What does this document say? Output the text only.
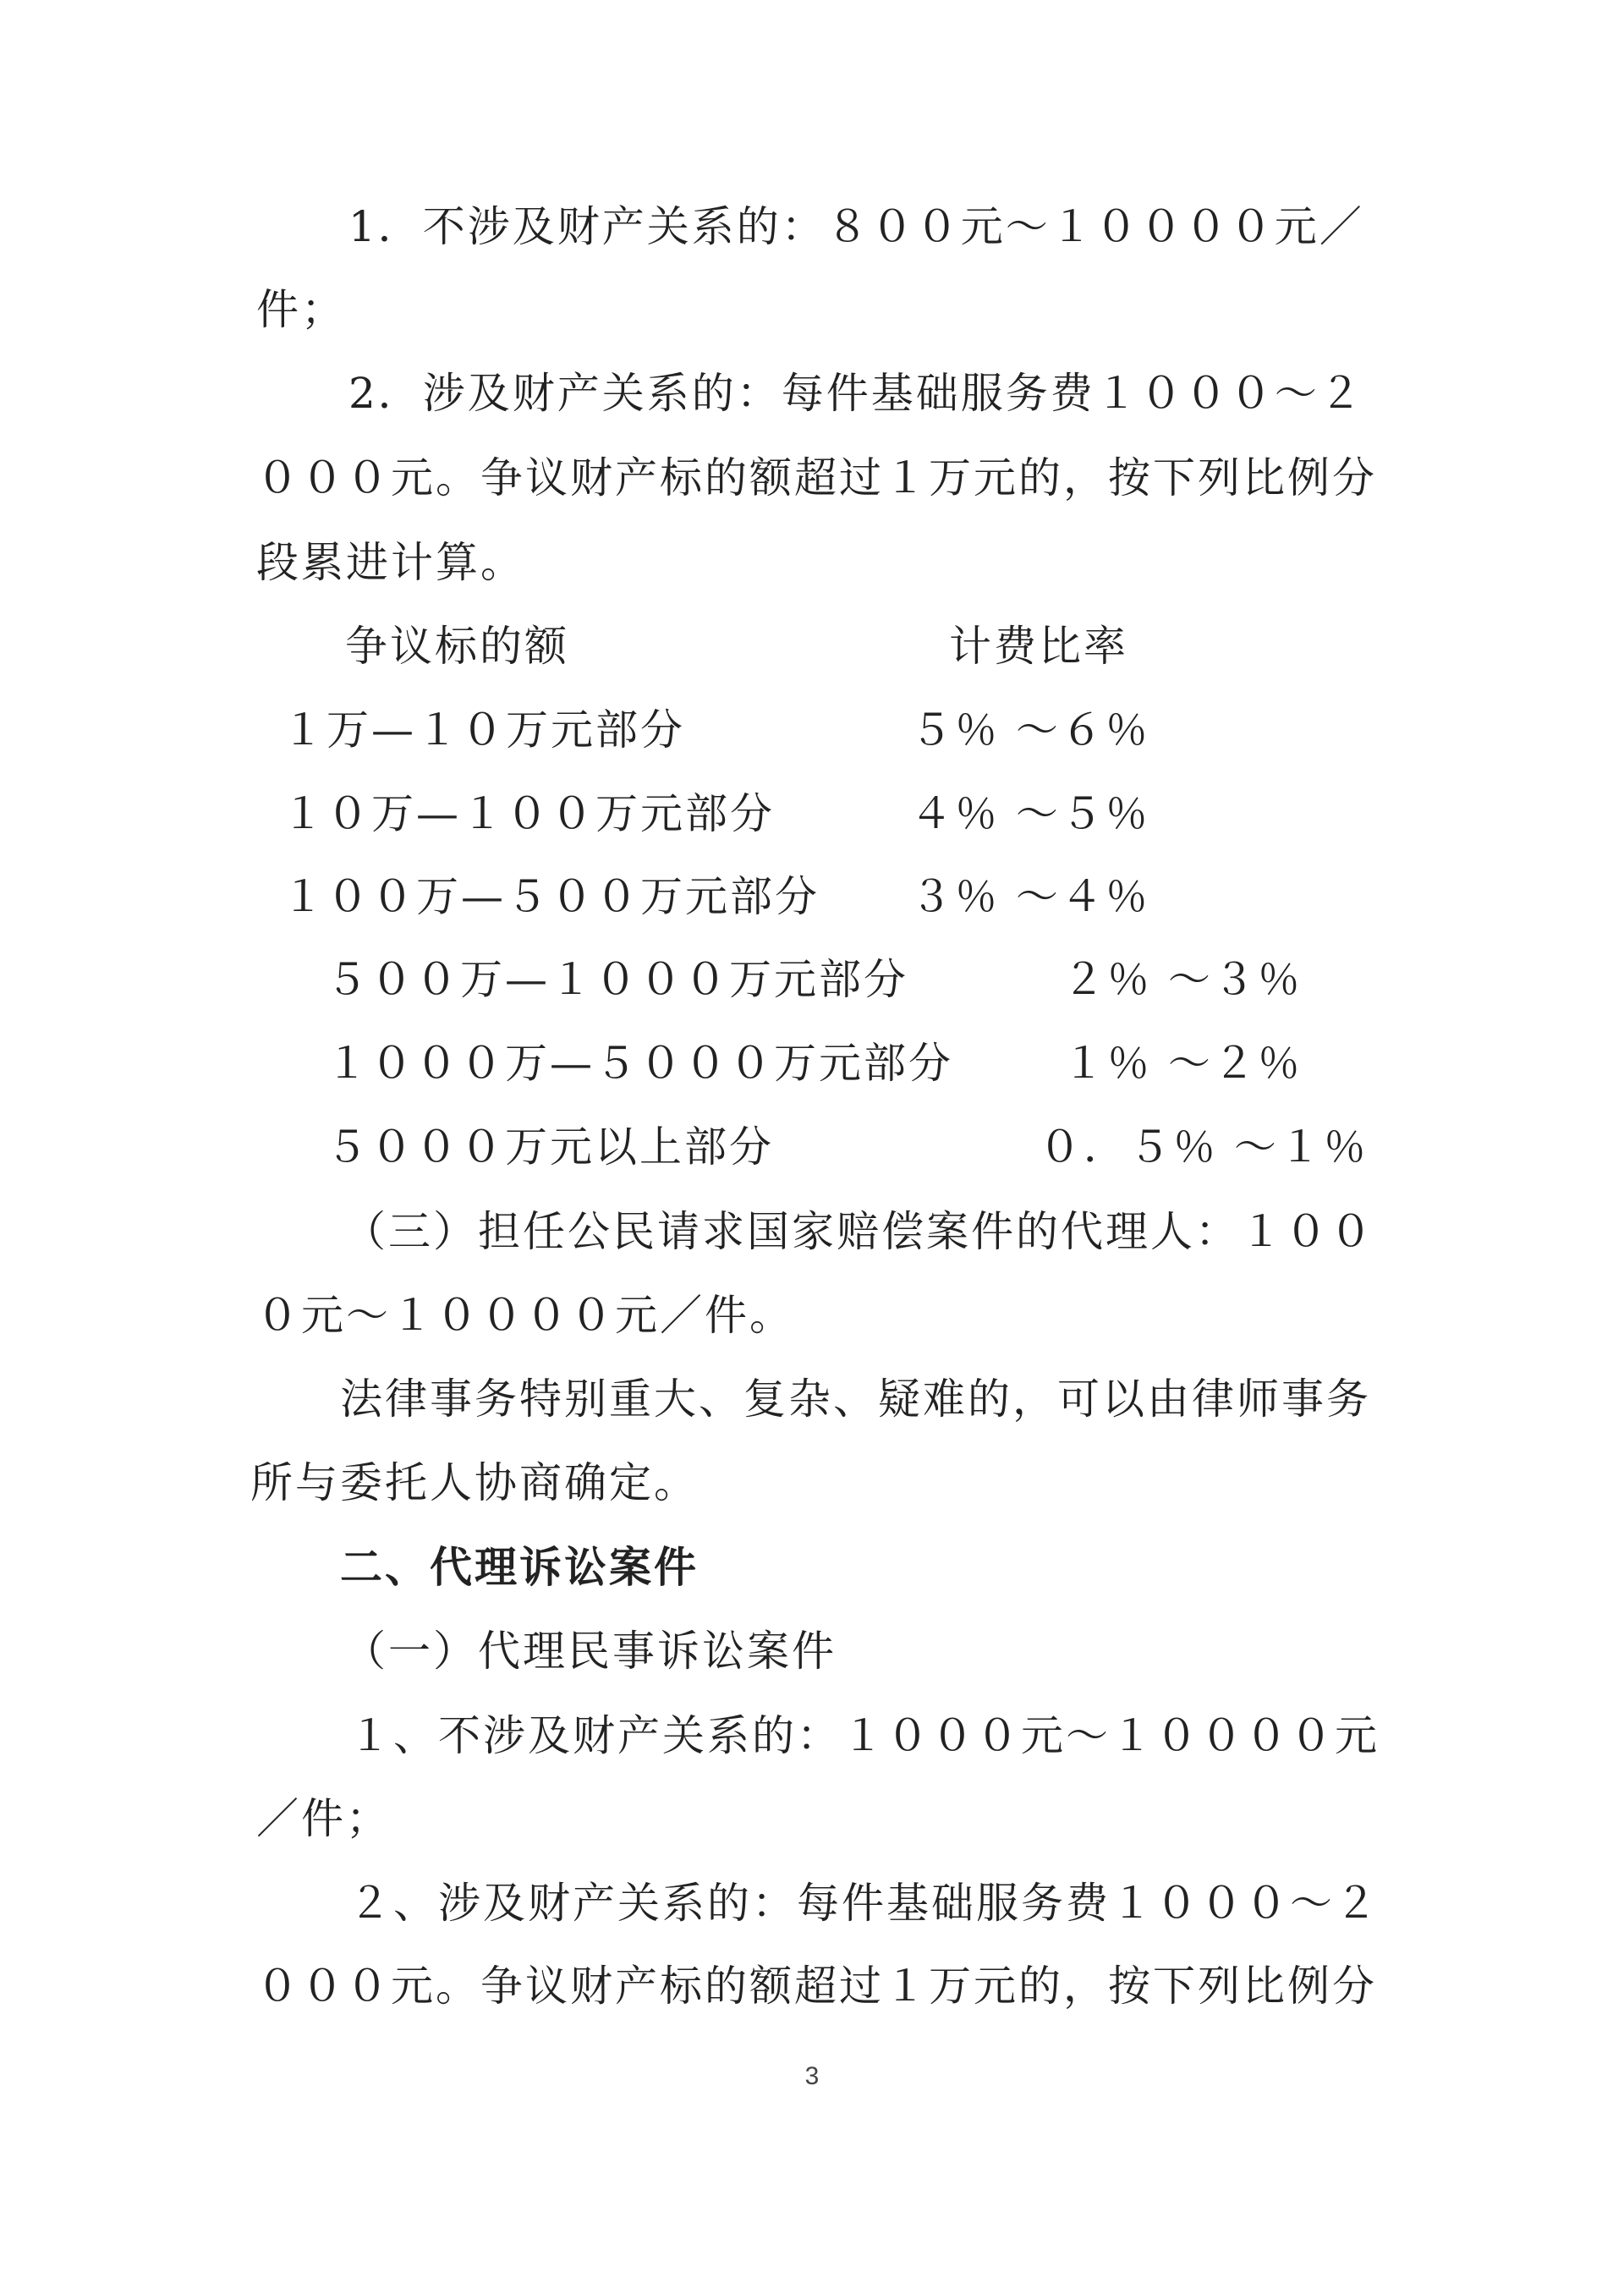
1．不涉及财产关系的：８００元～１００００元／
件；
2．涉及财产关系的：每件基础服务费１０００～２
０００元。争议财产标的额超过１万元的，按下列比例分
段累进计算。
争议标的额	计费比率
１万—１０万元部分	５％ ～６％
１０万—１００万元部分	４％ ～５％
１００万—５００万元部分 ３％ ～４％
５００万—１０００万元部分	２％ ～３％
１０００万—５０００万元部分	１％ ～２％
５０００万元以上部分	０．５％ ～１％
（三）担任公民请求国家赔偿案件的代理人：１００
０元～１００００元／件。
法律事务特别重大、复杂、疑难的，可以由律师事务
所与委托人协商确定。
二、代理诉讼案件
（一）代理民事诉讼案件
１、不涉及财产关系的：１０００元～１００００元
／件；
２、涉及财产关系的：每件基础服务费１０００～２
０００元。争议财产标的额超过１万元的，按下列比例分
3
